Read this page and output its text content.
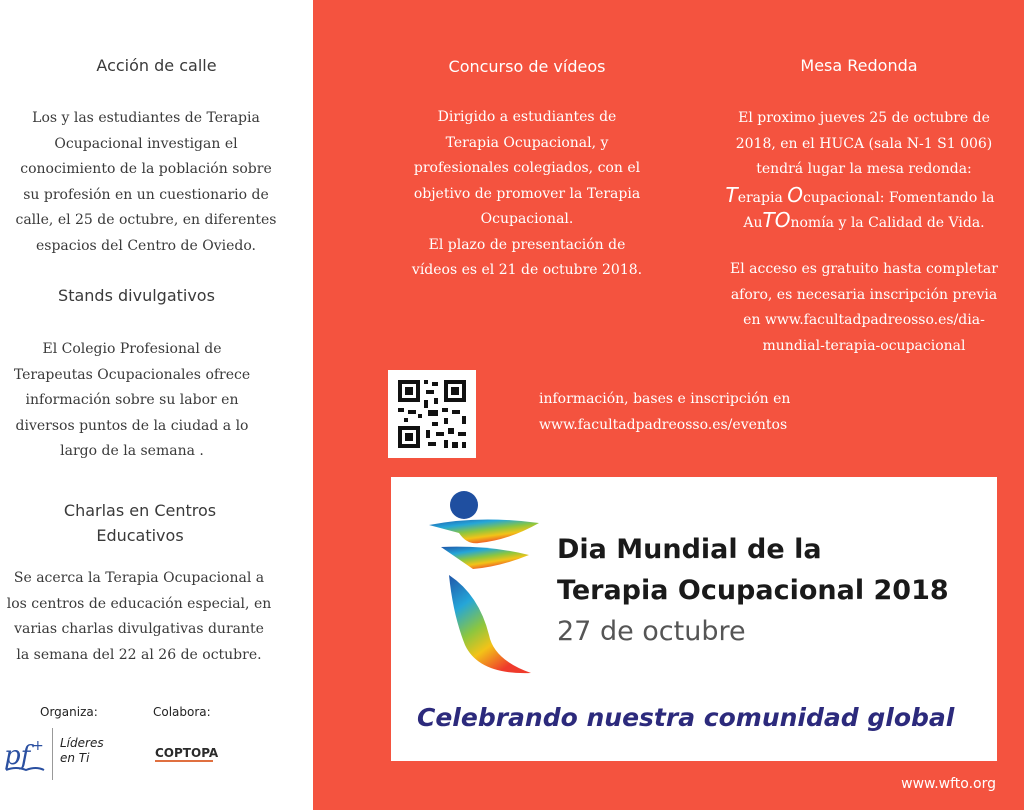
Acción de calle

Los y las estudiantes de Terapia
Ocupacional investigan el
conocimiento de la población sobre
su profesión en un cuestionario de
calle, el 25 de octubre, en diferentes
espacios del Centro de Oviedo.

Stands divulgativos

El Colegio Profesional de
Terapeutas Ocupacionales ofrece
información sobre su labor en
diversos puntos de la ciudad a lo
largo de la semana .

Charlas en Centros
Educativos

Se acerca la Terapia Ocupacional a
los centros de educación especial, en
varias charlas divulgativas durante
la semana del 22 al 26 de octubre.

Organiza:	Colabora:
pf + Líderes
en Ti	COPTOPA
Concurso de vídeos

Dirigido a estudiantes de
Terapia Ocupacional, y
profesionales colegiados, con el
objetivo de promover la Terapia
Ocupacional.
El plazo de presentación de
vídeos es el 21 de octubre 2018.

Mesa Redonda

El proximo jueves 25 de octubre de
2018, en el HUCA (sala N-1 S1 006)
tendrá lugar la mesa redonda:

Terapia Ocupacional: Fomentando la

AuTOnomía y la Calidad de Vida.

El acceso es gratuito hasta completar
aforo, es necesaria inscripción previa
en www.facultadpadreosso.es/dia-
mundial-terapia-ocupacional

información, bases e inscripción en
www.facultadpadreosso.es/eventos

Dia Mundial de la
Terapia Ocupacional 2018
27 de octubre
Celebrando nuestra comunidad global
www.wfto.org
